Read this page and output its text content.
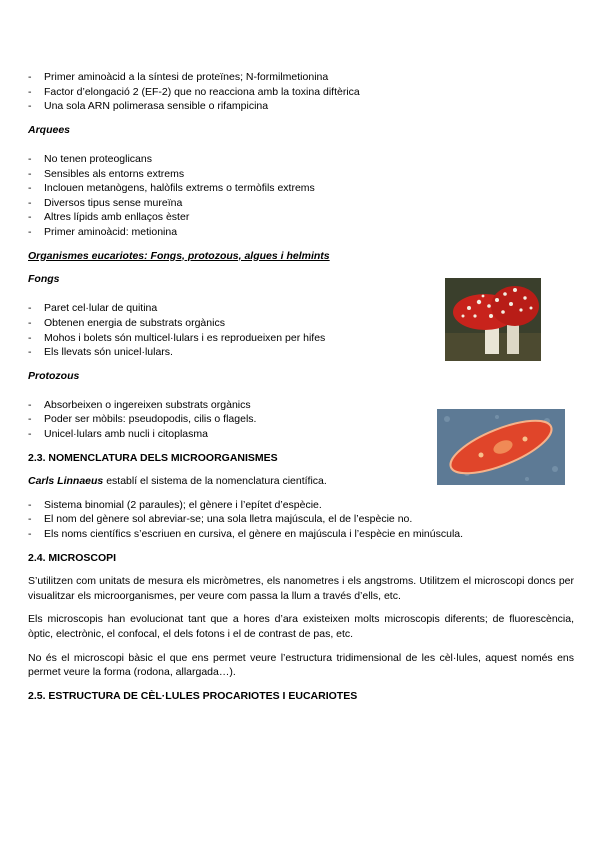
- Primer aminoàcid a la síntesi de proteïnes; N-formilmetionina
- Factor d’elongació 2 (EF-2) que no reacciona amb la toxina diftèrica
- Una sola ARN polimerasa sensible o rifampicina

Arquees

- No tenen proteoglicans
- Sensibles als entorns extrems
- Inclouen metanògens, halòfils extrems o termòfils extrems
- Diversos tipus sense mureïna
- Altres lípids amb enllaços èster
- Primer aminoàcid: metionina

Organismes eucariotes: Fongs, protozous, algues i helmints

Fongs

- Paret cel·lular de quitina
- Obtenen energia de substrats orgànics
- Mohos i bolets són multicel·lulars i es reprodueixen per hifes
- Els llevats són unicel·lulars.

Protozous

- Absorbeixen o ingereixen substrats orgànics
- Poder ser mòbils: pseudopodis, cilis o flagels.
- Unicel·lulars amb nucli i citoplasma

2.3. NOMENCLATURA DELS MICROORGANISMES

Carls Linnaeus establí el sistema de la nomenclatura científica.

- Sistema binomial (2 paraules); el gènere i l’epítet d’espècie.
- El nom del gènere sol abreviar-se; una sola lletra majúscula, el de l’espècie no.
- Els noms científics s’escriuen en cursiva, el gènere en majúscula i l’espècie en minúscula.

2.4. MICROSCOPI

S’utilitzen com unitats de mesura els micròmetres, els nanometres i els angstroms. Utilitzem el microscopi doncs per visualitzar els microorganismes, per veure com passa la llum a través d’ells, etc.

Els microscopis han evolucionat tant que a hores d’ara existeixen molts microscopis diferents; de fluorescència, òptic, electrònic, el confocal, el dels fotons i el de contrast de pas, etc.

No és el microscopi bàsic el que ens permet veure l’estructura tridimensional de les cèl·lules, aquest només ens permet veure la forma (rodona, allargada…).

2.5. ESTRUCTURA DE CÈL·LULES PROCARIOTES I EUCARIOTES
